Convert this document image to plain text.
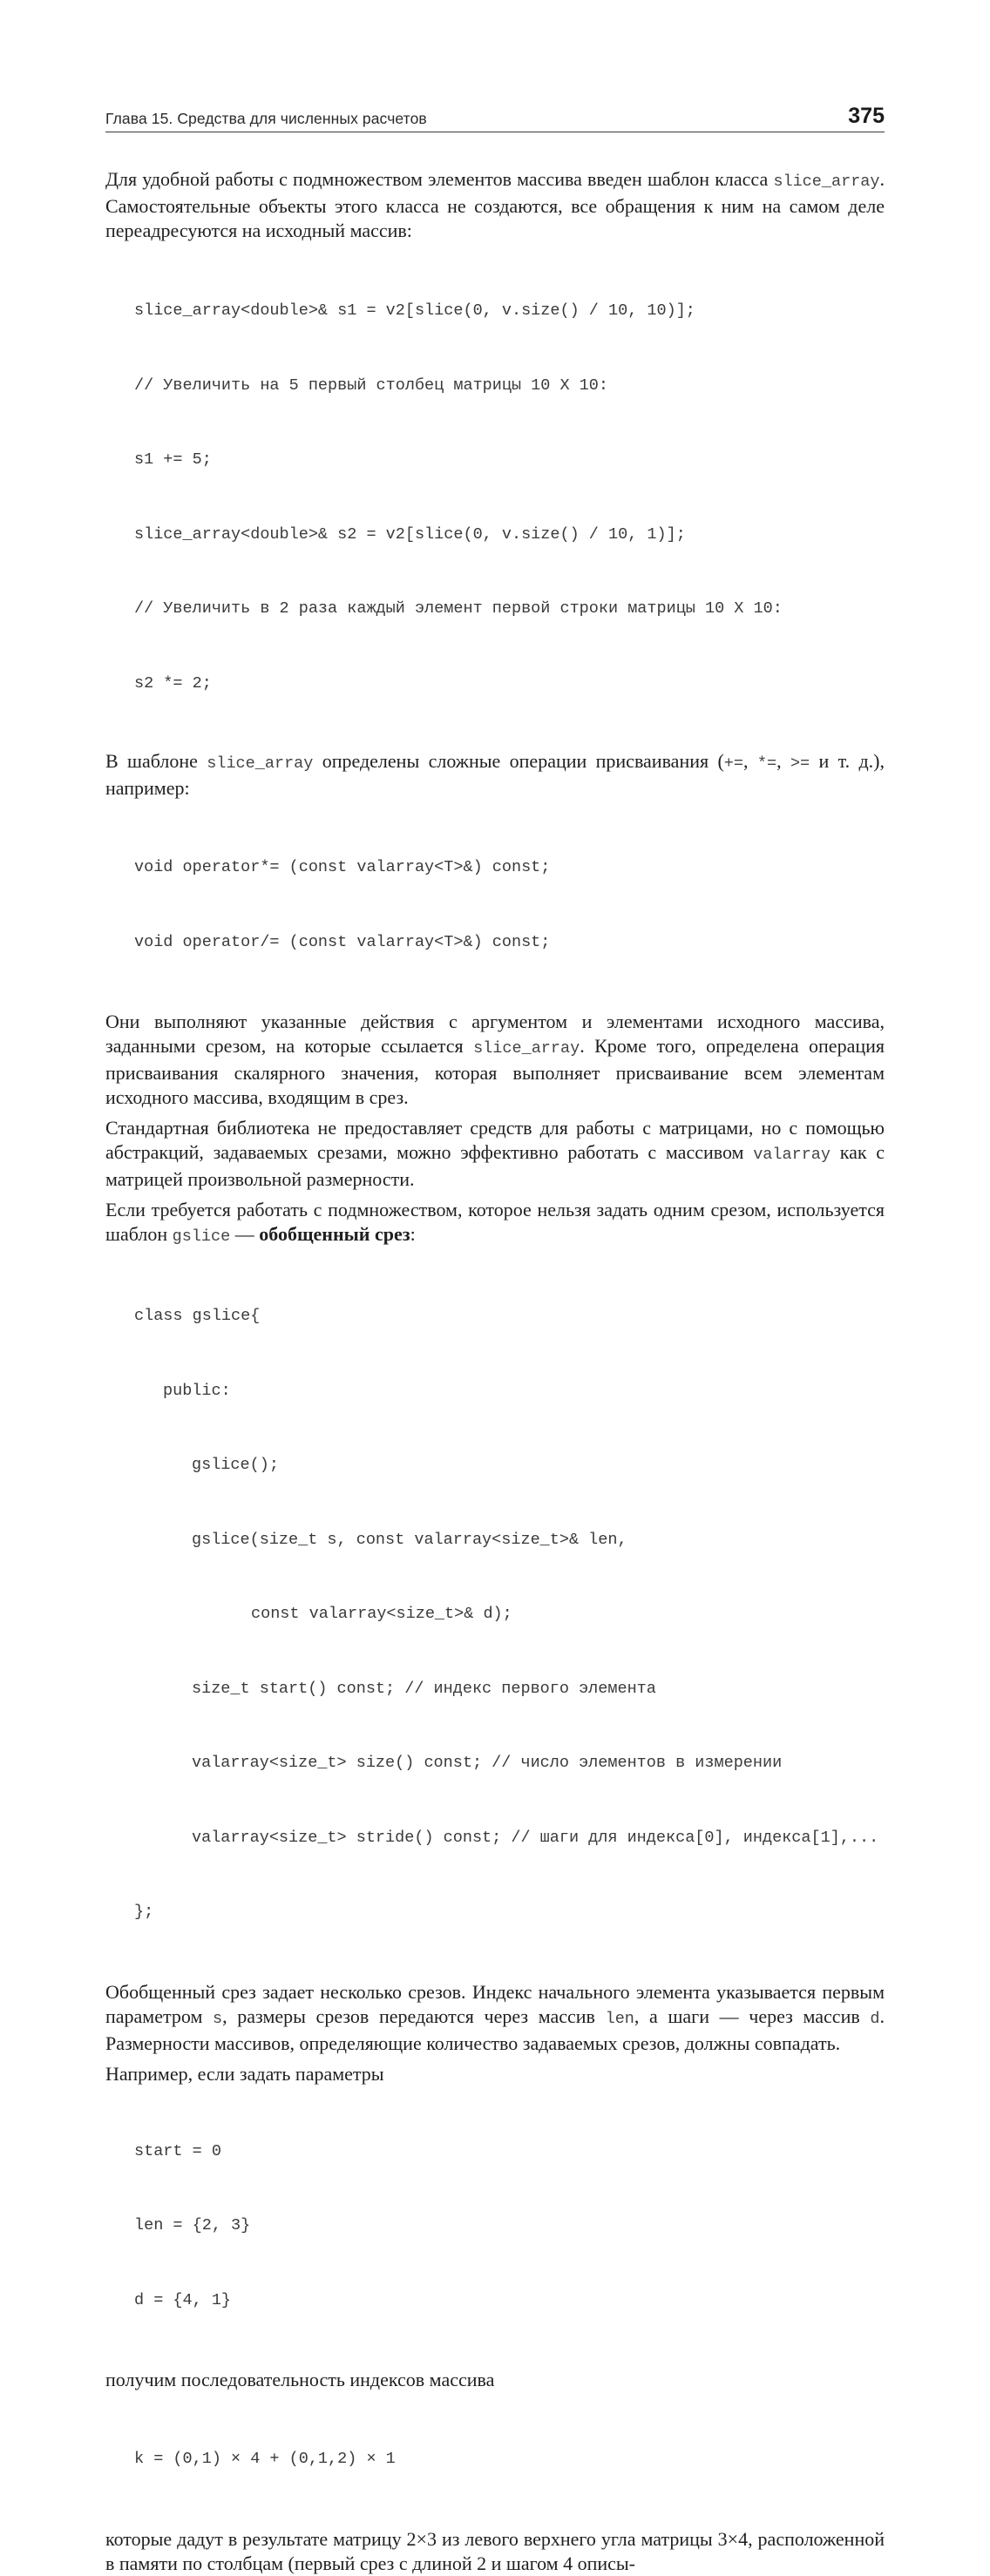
Глава 15. Средства для численных расчетов	375

Для удобной работы с подмножеством элементов массива введен шаблон класса slice_array. Самостоятельные объекты этого класса не создаются, все обращения к ним на самом деле переадресуются на исходный массив:

slice_array<double>& s1 = v2[slice(0, v.size() / 10, 10)];

// Увеличить на 5 первый столбец матрицы 10 X 10:

s1 += 5;

slice_array<double>& s2 = v2[slice(0, v.size() / 10, 1)];

// Увеличить в 2 раза каждый элемент первой строки матрицы 10 X 10:

s2 *= 2;

В шаблоне slice_array определены сложные операции присваивания (+=, *=, >= и т. д.), например:

void operator*= (const valarray<T>&) const;

void operator/= (const valarray<T>&) const;

Они выполняют указанные действия с аргументом и элементами исходного массива, заданными срезом, на которые ссылается slice_array. Кроме того, определена операция присваивания скалярного значения, которая выполняет присваивание всем элементам исходного массива, входящим в срез.

Стандартная библиотека не предоставляет средств для работы с матрицами, но с помощью абстракций, задаваемых срезами, можно эффективно работать с массивом valarray как с матрицей произвольной размерности.

Если требуется работать с подмножеством, которое нельзя задать одним срезом, используется шаблон gslice — обобщенный срез:

class gslice{

public:

gslice();

gslice(size_t s, const valarray<size_t>& len,

const valarray<size_t>& d);

size_t start() const; // индекс первого элемента

valarray<size_t> size() const; // число элементов в измерении

valarray<size_t> stride() const; // шаги для индекса[0], индекса[1],...

};

Обобщенный срез задает несколько срезов. Индекс начального элемента указывается первым параметром s, размеры срезов передаются через массив len, а шаги — через массив d. Размерности массивов, определяющие количество задаваемых срезов, должны совпадать.

Например, если задать параметры

start = 0

len = {2, 3}

d = {4, 1}

получим последовательность индексов массива

k = (0,1) × 4 + (0,1,2) × 1

которые дадут в результате матрицу 2×3 из левого верхнего угла матрицы 3×4, расположенной в памяти по столбцам (первый срез с длиной 2 и шагом 4 описы-
